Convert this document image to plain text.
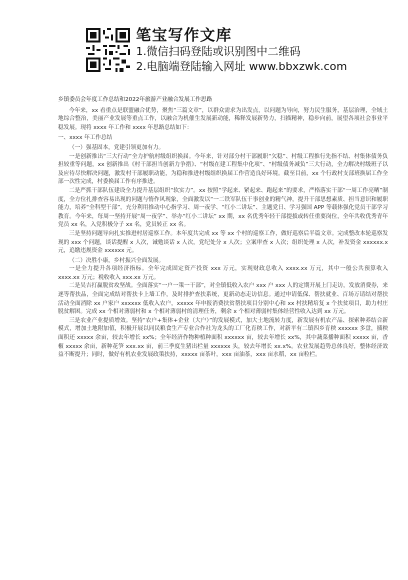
笔宝写作文库
1.微信扫码登陆或识别图中二维码
2.电脑端登陆输入网址 www.bbxzwk.com

乡镇委员会年度工作总结和2022年旅游产业融合发展工作思路

今年来，xx 看重点是联盟融合优势，聚焦“三篇文章”，以群众需求为出发点，以问题为导向，努力民生服务，基层治理，全域土地综合整治，美丽产业发展等重点工作，以融合为机催生发展新动能，稀释发展新势力，扫描精神，稳步向前，展望各项社会事业平稳发展。现将 xxxx 年工作和 xxxx 年思路总结如下：

一、xxxx 年工作总结

（一）强基固本，党建引领更加有力。

一是创新推出“三大行动”全力护航村级组织换届。今年来，针对部分村干部履职“欠稳”、村级工程推行先指不结、村集体债务负担较重等问题，xx 创新推出《村干部担当创新力争措》、“村级在建工程集中化项”、“村级债务减负”三大行动，全力解决村级班子以及应待尽快解决问题，激发村干部履职动能，为稳和推进村级组织换届工作营造良好环境。截至目前，xx 个行政村支部班换届工作全部一次性完成，村委换届工作有序推进。

二是严抓干部队伍建设全力提升基层组织“软实力”。xx 按照“学起来、紧起来、跑起来”的要求，严格落实干部“一周工作亮晒”制度，全方位扎排查容易出现的问题与惰作风现象，全面激发以“一二铁军队伍干事创业的精气神，提升干部思想素质、担当意识和履职能力，培养“全科型干部”，充分利用推动中心指学习、周一夜学、“红小二讲坛”、主题党日、学习强国 APP 等载体强化党员干部学习教育。今年来，每周一坚持开展“周一夜学”、举办“红小二讲坛” xx 期，xx 名优秀年轻干部提拔或转任重要岗位，全年共收优秀青年党员 xx 名，入党积极分子 xx 名，党员转正 xx 名。

三是坚持问题导向扎实推进村居巡察工作。本年度共完成 xx 等 xx 个村的巡察工作，做好巡察后半篇文章。完成整改本轮巡察发现的 xxx 个问题，谈话提醒 x 人次，诫勉谈话 x 人次，党纪处分 x 人次；立案审查 x 人次；组织处理 x 人次，补发资金 xxxxxx.x 元，追缴违规资金 xxxxxx 元。

（二）决胜小康，乡村振兴全面发展。

一是全力提升各项经济指标。全年完成固定资产投资 xxx 万元，实现财政总收入 xxxx.xx 万元，其中一般公共预算收入 xxxx.xx 万元；税收收入 xxx.xx 万元。

二是吴吉打赢脱贫攻坚战。全面落实“一户一策一干部”，对全镇低收入农户 xxx 户 xxx 人的定期开展上门走访，发放消费券，来逐等帮扶品，全面完成结对帮扶卡上墙工作，及时排护查扶系统，更新动态走访信息。通过申请低保、帮扶就业、百场万请结对帮扶活动全面消除 xx 户家户 xxxxxx 低收入农户，xxxxx 年申报消费扶贫帮扶项目分别中心和 xx 村扶精培复 x 个扶贫项目，助力村庄脱贫解困。完成 xx 个相对薄弱村和 x 个相对薄弱村的清理任务，剩余 x 个相对薄弱村集体经营性收入达到 xx 万元。

三是农业产业提质增效。坚持“农户+集体+企业（大户）”的发展模式，加大土地流转力度，新发展有机农产品、探索种养结合新模式，增加土地附加值，积极开展以同民粮食生产专业合作社为龙头的工厂化育秧工作，对新平有二镇四乡育秧 xxxxxx 多盘，插秧面积还 xxxxx 余亩，较去年增长 xx%；全年经济作物种植种面积 xxxxxx 亩，较去年增长 xx%，其中蔬菜播种面积 xxxxx 亩，香椒 xxxxx 余亩，新种花笋 xxx.xx 亩，前三季度生猪出栏量 xxxxxx 头，较去年增长 xx.x%。农业发展趋势总体良好，整体经济效益不断提升；同时，做好有机农业发展政策扶持，xxxxx 亩茶叶，xxx 亩油茶，xxx 亩水稻，xx 亩粒栏。
